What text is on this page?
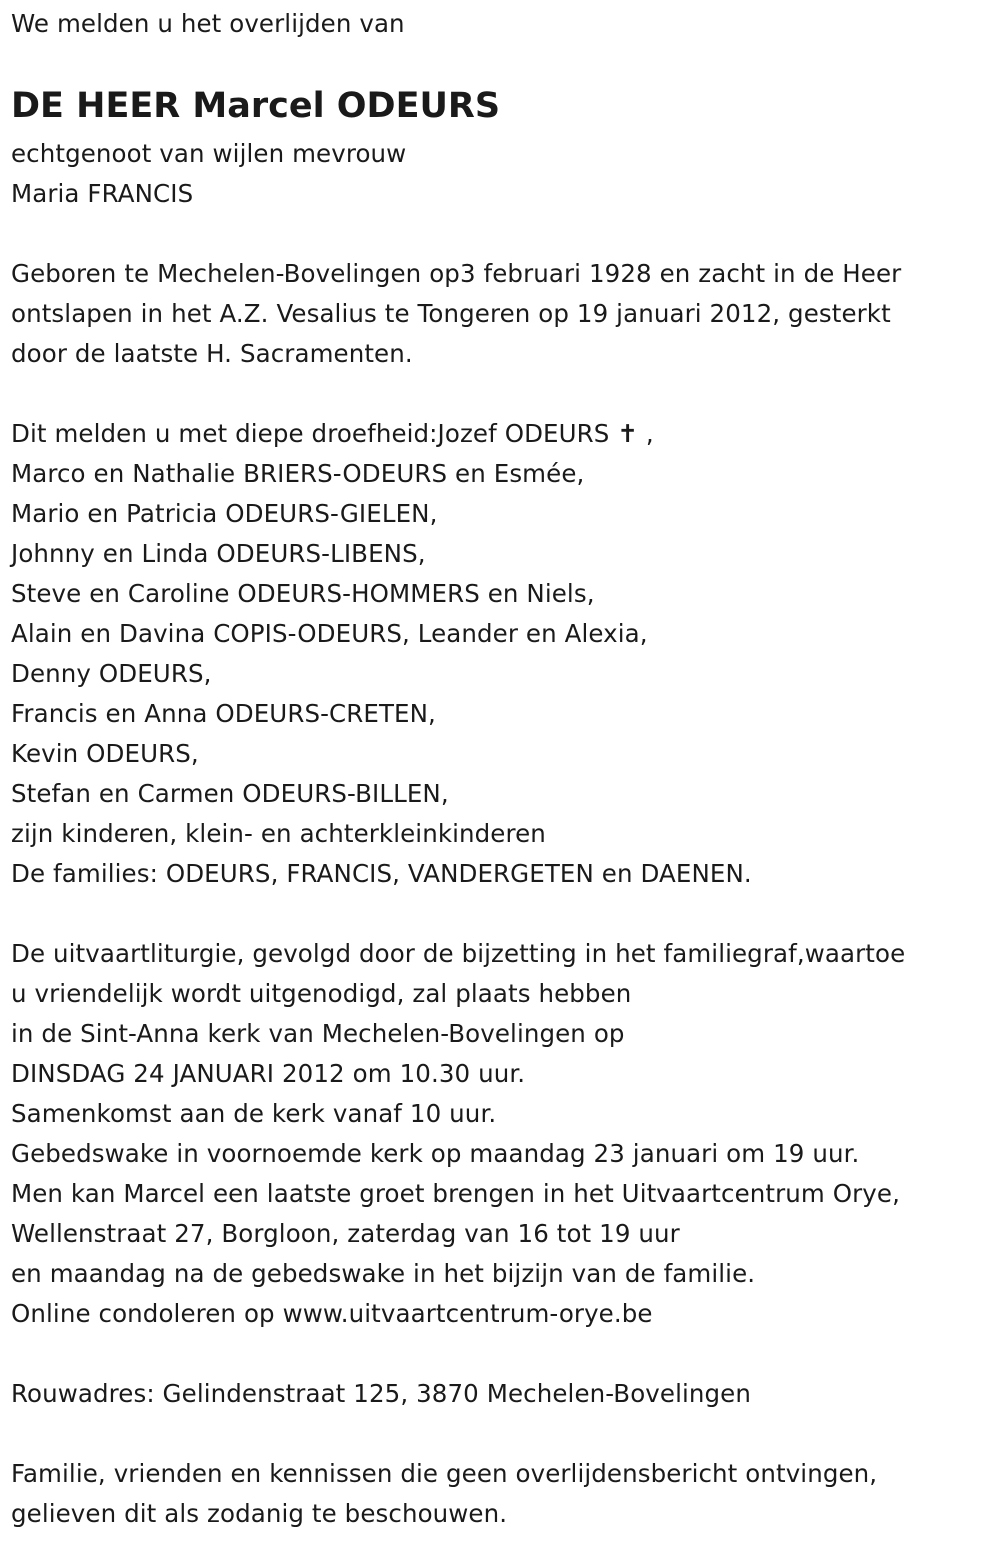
We melden u het overlijden van
DE HEER Marcel ODEURS
echtgenoot van wijlen mevrouw
Maria FRANCIS
Geboren te Mechelen-Bovelingen op3 februari 1928 en zacht in de Heer
ontslapen in het A.Z. Vesalius te Tongeren op 19 januari 2012, gesterkt
door de laatste H. Sacramenten.
Dit melden u met diepe droefheid:Jozef ODEURS ✝ ,
Marco en Nathalie BRIERS-ODEURS en Esmée,
Mario en Patricia ODEURS-GIELEN,
Johnny en Linda ODEURS-LIBENS,
Steve en Caroline ODEURS-HOMMERS en Niels,
Alain en Davina COPIS-ODEURS, Leander en Alexia,
Denny ODEURS,
Francis en Anna ODEURS-CRETEN,
Kevin ODEURS,
Stefan en Carmen ODEURS-BILLEN,
zijn kinderen, klein- en achterkleinkinderen
De families: ODEURS, FRANCIS, VANDERGETEN en DAENEN.
De uitvaartliturgie, gevolgd door de bijzetting in het familiegraf,waartoe
u vriendelijk wordt uitgenodigd, zal plaats hebben
in de Sint-Anna kerk van Mechelen-Bovelingen op
DINSDAG 24 JANUARI 2012 om 10.30 uur.
Samenkomst aan de kerk vanaf 10 uur.
Gebedswake in voornoemde kerk op maandag 23 januari om 19 uur.
Men kan Marcel een laatste groet brengen in het Uitvaartcentrum Orye,
Wellenstraat 27, Borgloon, zaterdag van 16 tot 19 uur
en maandag na de gebedswake in het bijzijn van de familie.
Online condoleren op www.uitvaartcentrum-orye.be
Rouwadres: Gelindenstraat 125, 3870 Mechelen-Bovelingen
Familie, vrienden en kennissen die geen overlijdensbericht ontvingen,
gelieven dit als zodanig te beschouwen.
